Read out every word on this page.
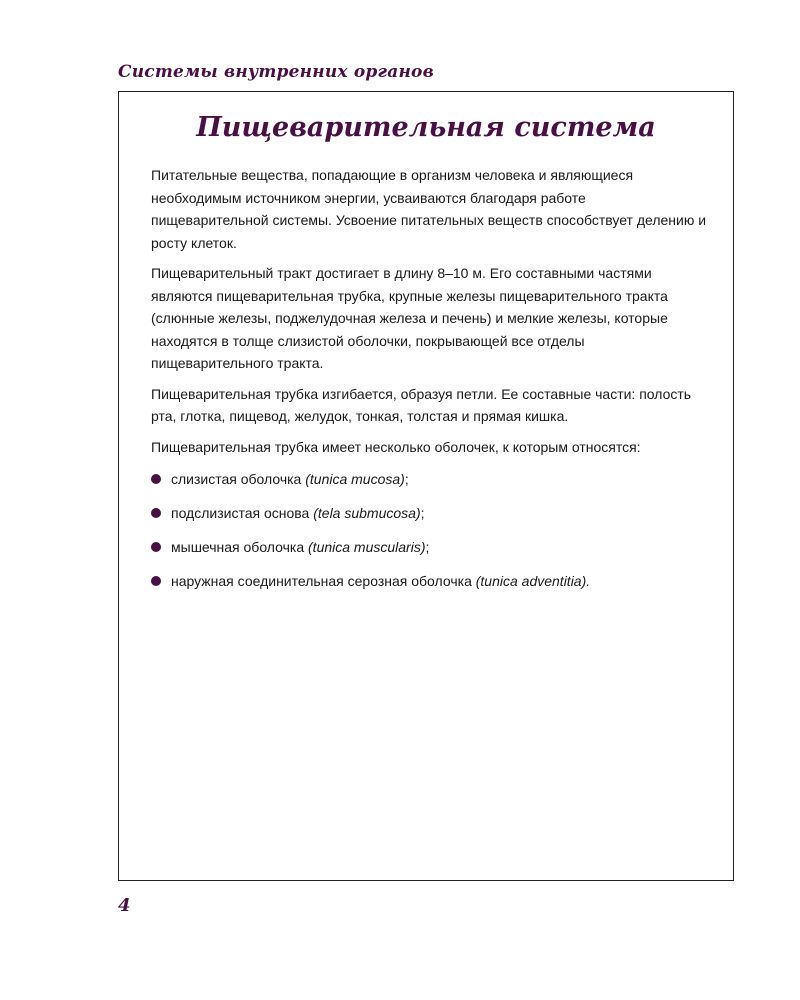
Системы внутренних органов
Пищеварительная система

Питательные вещества, попадающие в организм человека и являющиеся необходимым источником энергии, усваиваются благодаря работе пищеварительной системы. Усвоение питательных веществ способствует делению и росту клеток.

Пищеварительный тракт достигает в длину 8–10 м. Его составными частями являются пищеварительная трубка, крупные железы пищеварительного тракта (слюнные железы, поджелудочная железа и печень) и мелкие железы, которые находятся в толще слизистой оболочки, покрывающей все отделы пищеварительного тракта.

Пищеварительная трубка изгибается, образуя петли. Ее составные части: полость рта, глотка, пищевод, желудок, тонкая, толстая и прямая кишка.

Пищеварительная трубка имеет несколько оболочек, к которым относятся:

слизистая оболочка (tunica mucosa);
подслизистая основа (tela submucosa);
мышечная оболочка (tunica muscularis);
наружная соединительная серозная оболочка (tunica adventitia).
4
